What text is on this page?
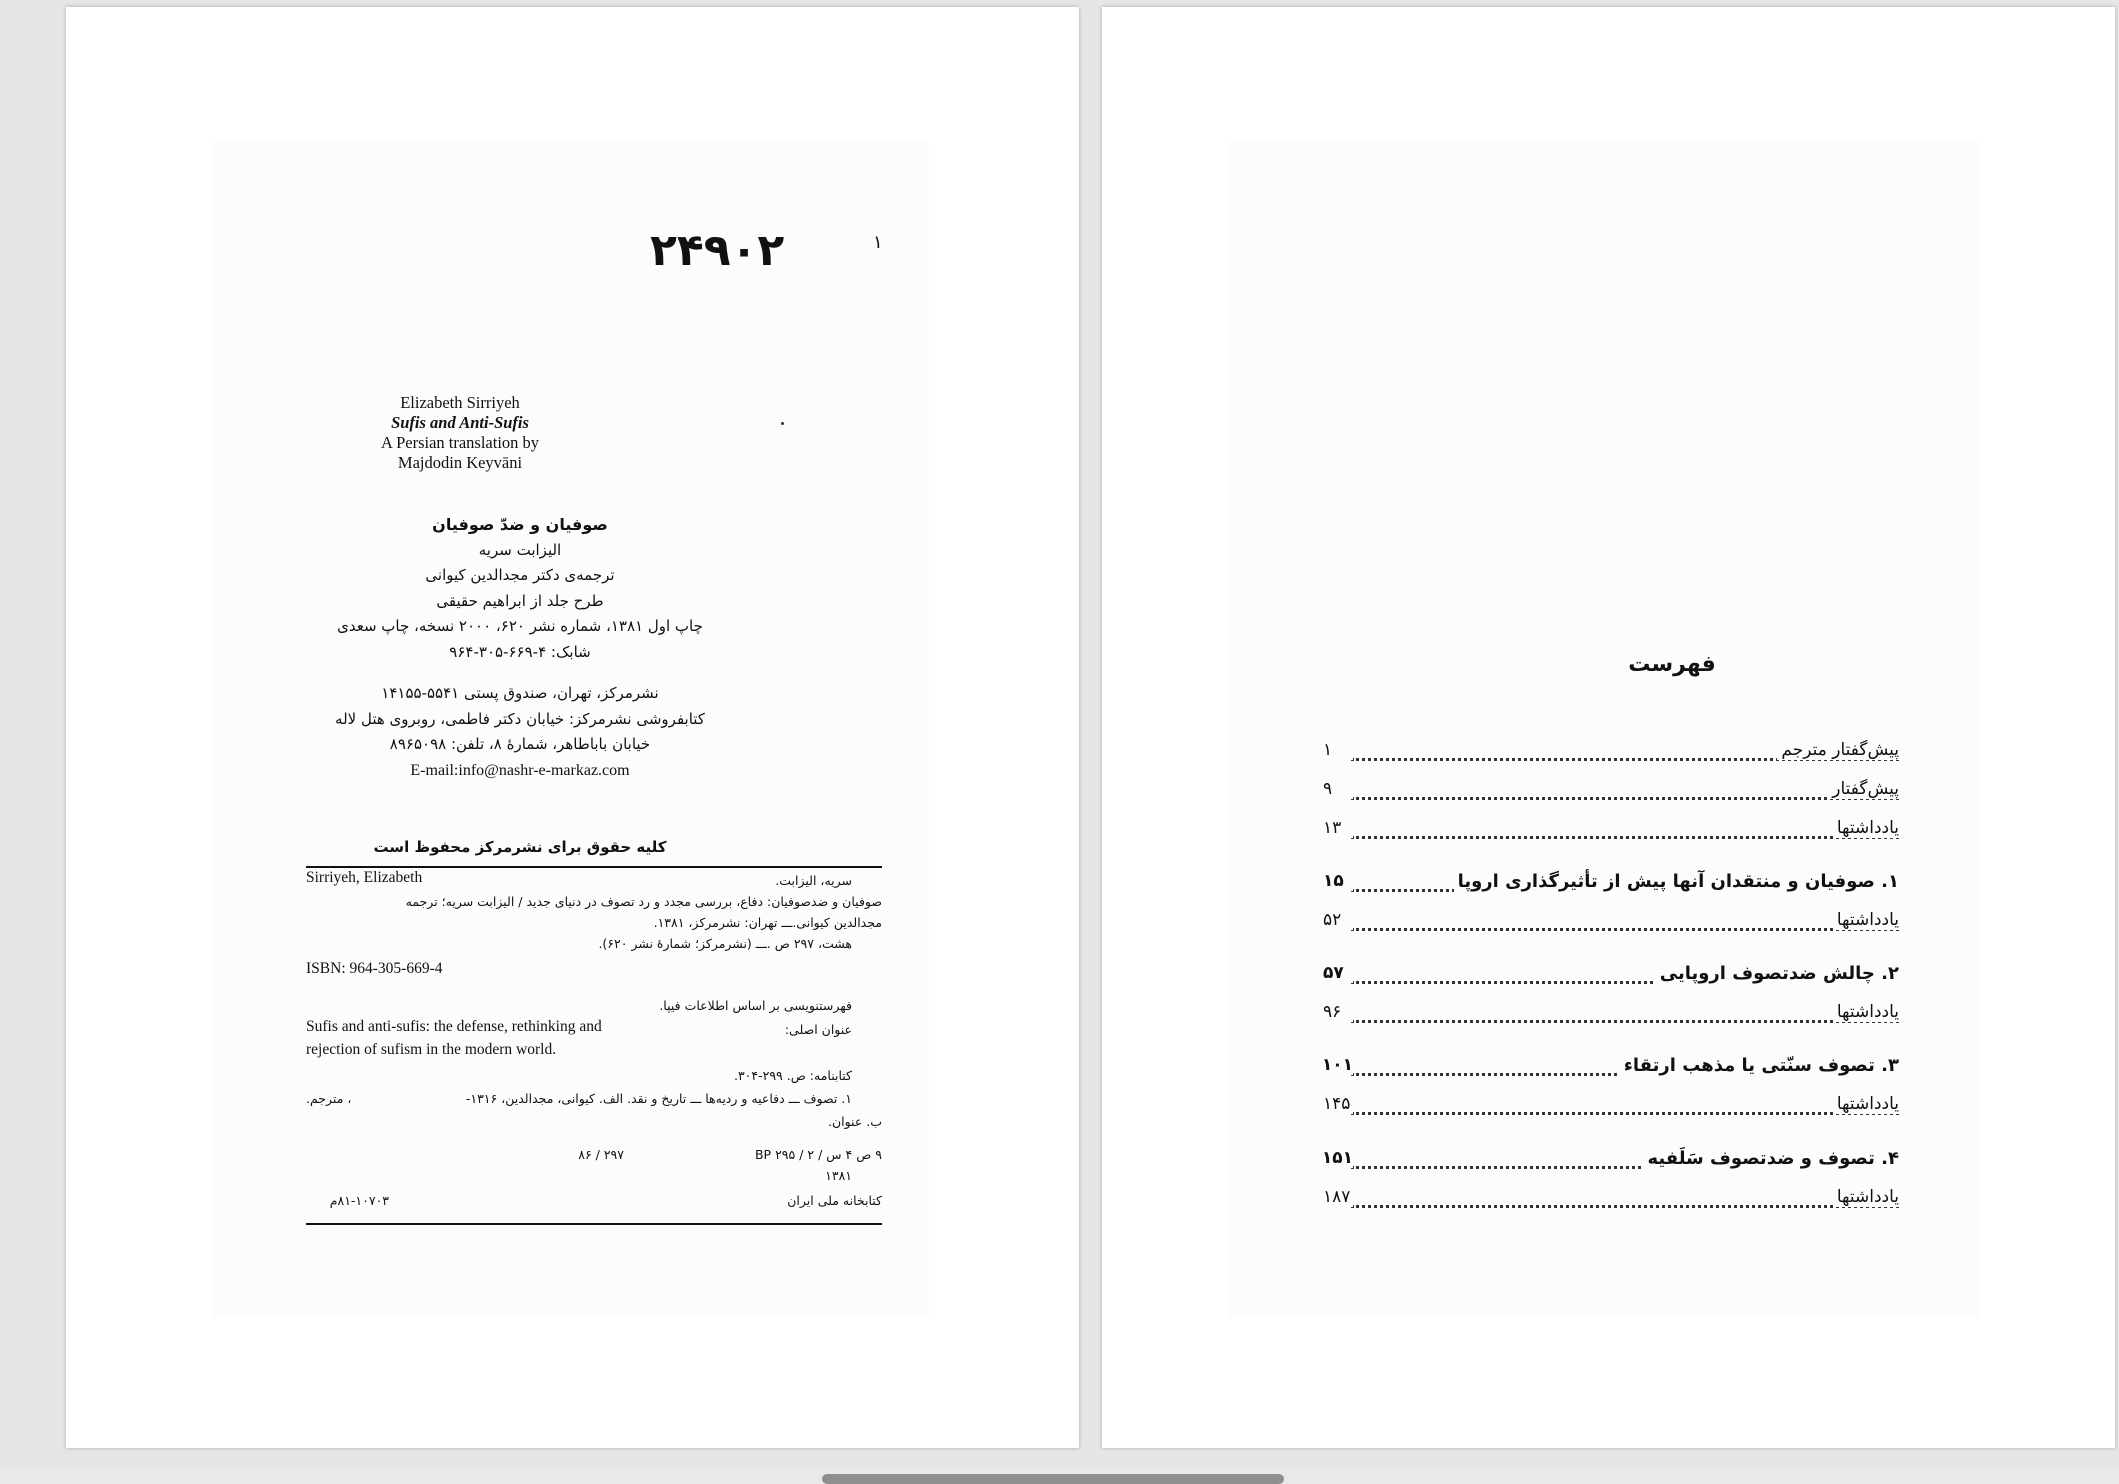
۲۴۹۰۲	۱
Elizabeth Sirriyeh
Sufis and Anti-Sufis
A Persian translation by
Majdodin Keyvāni
صوفیان و ضدّ صوفیان
الیزابت سریه
ترجمه‌ی دکتر مجدالدین کیوانی
طرح جلد از ابراهیم حقیقی
چاپ اول ۱۳۸۱، شماره نشر ۶۲۰، ۲۰۰۰ نسخه، چاپ سعدی
شابک: ۴-۶۶۹-۳۰۵-۹۶۴
نشرمرکز، تهران، صندوق پستی ۵۵۴۱-۱۴۱۵۵
کتابفروشی نشرمرکز: خیابان دکتر فاطمی، روبروی هتل لاله
خیابان باباطاهر، شمارهٔ ۸، تلفن: ۸۹۶۵۰۹۸
E-mail:info@nashr-e-markaz.com
کلیه حقوق برای نشرمرکز محفوظ است
Sirriyeh, Elizabeth	سریه، الیزابت.
صوفیان و ضدصوفیان: دفاع، بررسی مجدد و رد تصوف در دنیای جدید / الیزابت سریه؛ ترجمه
مجدالدین کیوانی.ـــ تهران: نشرمرکز، ۱۳۸۱.
هشت، ۲۹۷ ص .ـــ (نشرمرکز؛ شمارهٔ نشر ۶۲۰).
ISBN: 964-305-669-4
فهرستنویسی بر اساس اطلاعات فیپا.
عنوان اصلی:
Sufis and anti-sufis: the defense, rethinking and
rejection of sufism in the modern world.
کتابنامه: ص. ۲۹۹-۳۰۴.
۱. تصوف ـــ دفاعیه و ردیه‌ها ـــ تاریخ و نقد. الف. کیوانی، مجدالدین، ۱۳۱۶-
، مترجم.
ب. عنوان.
۹ ص ۴ س / ۲ / ۲۹۵ BP
۲۹۷ / ۸۶
۱۳۸۱
کتابخانه ملی ایران
۸۱-۱۰۷۰۳م
فهرست
پیش‌گفتار مترجم
۱
پیش‌گفتار
۹
یادداشتها
۱۳
۱. صوفیان و منتقدان آنها پیش از تأثیرگذاری اروپا
۱۵
یادداشتها
۵۲
۲. چالش ضدتصوف اروپایی
۵۷
یادداشتها
۹۶
۳. تصوف سنّتی یا مذهب ارتقاء
۱۰۱
یادداشتها
۱۴۵
۴. تصوف و ضدتصوف سَلَفیه
۱۵۱
یادداشتها
۱۸۷
